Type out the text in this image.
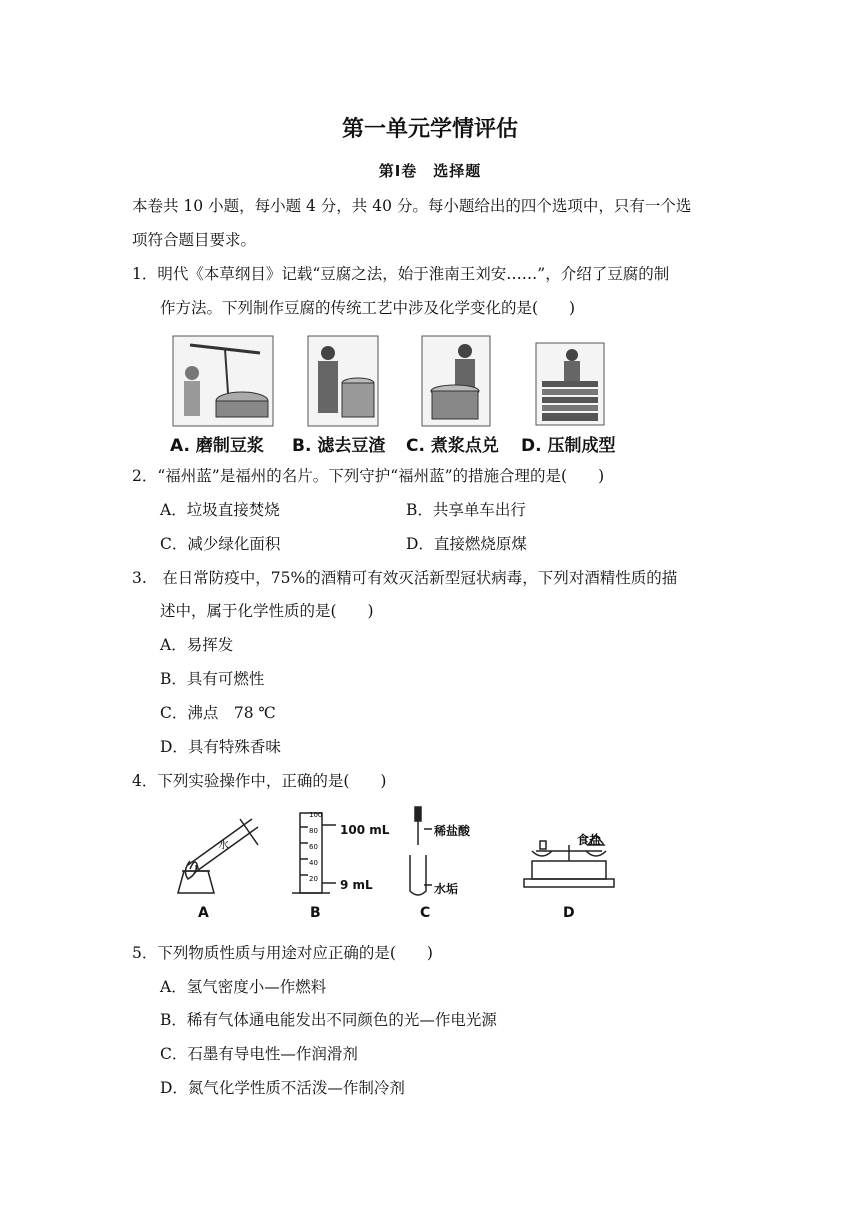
第一单元学情评估
第Ⅰ卷　选择题
本卷共 10 小题，每小题 4 分，共 40 分。每小题给出的四个选项中，只有一个选
项符合题目要求。
1．明代《本草纲目》记载“豆腐之法，始于淮南王刘安……”，介绍了豆腐的制
作方法。下列制作豆腐的传统工艺中涉及化学变化的是(　　)
A. 磨制豆浆 B. 滤去豆渣 C. 煮浆点兑 D. 压制成型
2．“福州蓝”是福州的名片。下列守护“福州蓝”的措施合理的是(　　)
A．垃圾直接焚烧	B．共享单车出行
C．减少绿化面积	D．直接燃烧原煤
3.　在日常防疫中，75%的酒精可有效灭活新型冠状病毒，下列对酒精性质的描
述中，属于化学性质的是(　　)
A．易挥发
B．具有可燃性
C．沸点　78 ℃
D．具有特殊香味
4．下列实验操作中，正确的是(　　)
100
80
60
40
20
水
100 mL
9 mL
稀盐酸
水垢
食盐
A	B	C	D
5．下列物质性质与用途对应正确的是(　　)
A．氢气密度小—作燃料
B．稀有气体通电能发出不同颜色的光—作电光源
C．石墨有导电性—作润滑剂
D．氮气化学性质不活泼—作制冷剂
